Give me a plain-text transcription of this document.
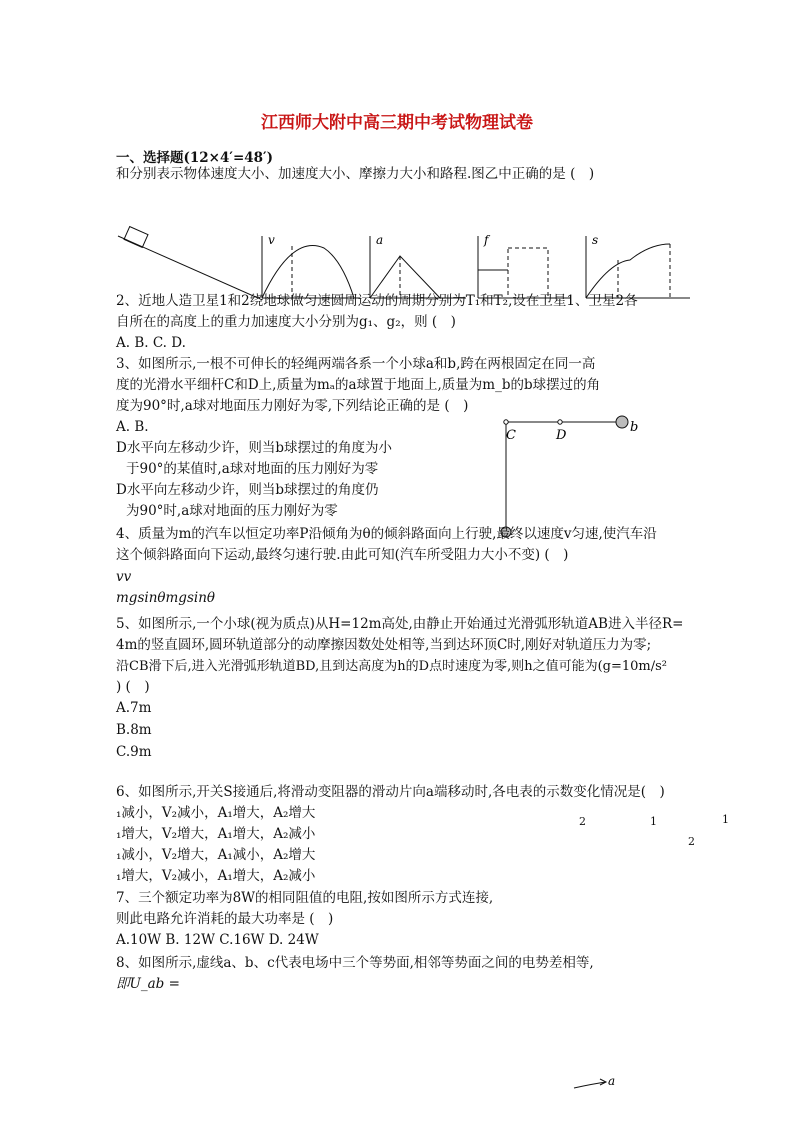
江西师大附中高三期中考试物理试卷
一、选择题(12×4′=48′)
和分别表示物体速度大小、加速度大小、摩擦力大小和路程.图乙中正确的是 (　)
v	a	f	s
2、近地人造卫星1和2绕地球做匀速圆周运动的周期分别为T₁和T₂,设在卫星1、卫星2各
自所在的高度上的重力加速度大小分别为g₁、g₂，则 (　)
A. B. C. D.
3、如图所示,一根不可伸长的轻绳两端各系一个小球a和b,跨在两根固定在同一高
度的光滑水平细杆C和D上,质量为mₐ的a球置于地面上,质量为m_b的b球摆过的角
度为90°时,a球对地面压力刚好为零,下列结论正确的是 (　)
A. B.
D水平向左移动少许，则当b球摆过的角度为小
于90°的某值时,a球对地面的压力刚好为零
D水平向左移动少许，则当b球摆过的角度仍
为90°时,a球对地面的压力刚好为零
C	D
b
4、质量为m的汽车以恒定功率P沿倾角为θ的倾斜路面向上行驶,最终以速度v匀速,使汽车沿
这个倾斜路面向下运动,最终匀速行驶.由此可知(汽车所受阻力大小不变) (　)
vv
mgsinθmgsinθ
5、如图所示,一个小球(视为质点)从H=12m高处,由静止开始通过光滑弧形轨道AB进入半径R=
4m的竖直圆环,圆环轨道部分的动摩擦因数处处相等,当到达环顶C时,刚好对轨道压力为零;
沿CB滑下后,进入光滑弧形轨道BD,且到达高度为h的D点时速度为零,则h之值可能为(g=10m/s²
) (　)
A.7m
B.8m
C.9m
6、如图所示,开关S接通后,将滑动变阻器的滑动片向a端移动时,各电表的示数变化情况是(　)
₁减小，V₂减小，A₁增大，A₂增大
₁增大，V₂增大，A₁增大，A₂减小
₁减小，V₂增大，A₁减小，A₂增大
₁增大，V₂减小，A₁增大，A₂减小
2	1	1
2
7、三个额定功率为8W的相同阻值的电阻,按如图所示方式连接,
则此电路允许消耗的最大功率是 (　)
A.10W B. 12W C.16W D. 24W
8、如图所示,虚线a、b、c代表电场中三个等势面,相邻等势面之间的电势差相等,
即U_ab =
a
